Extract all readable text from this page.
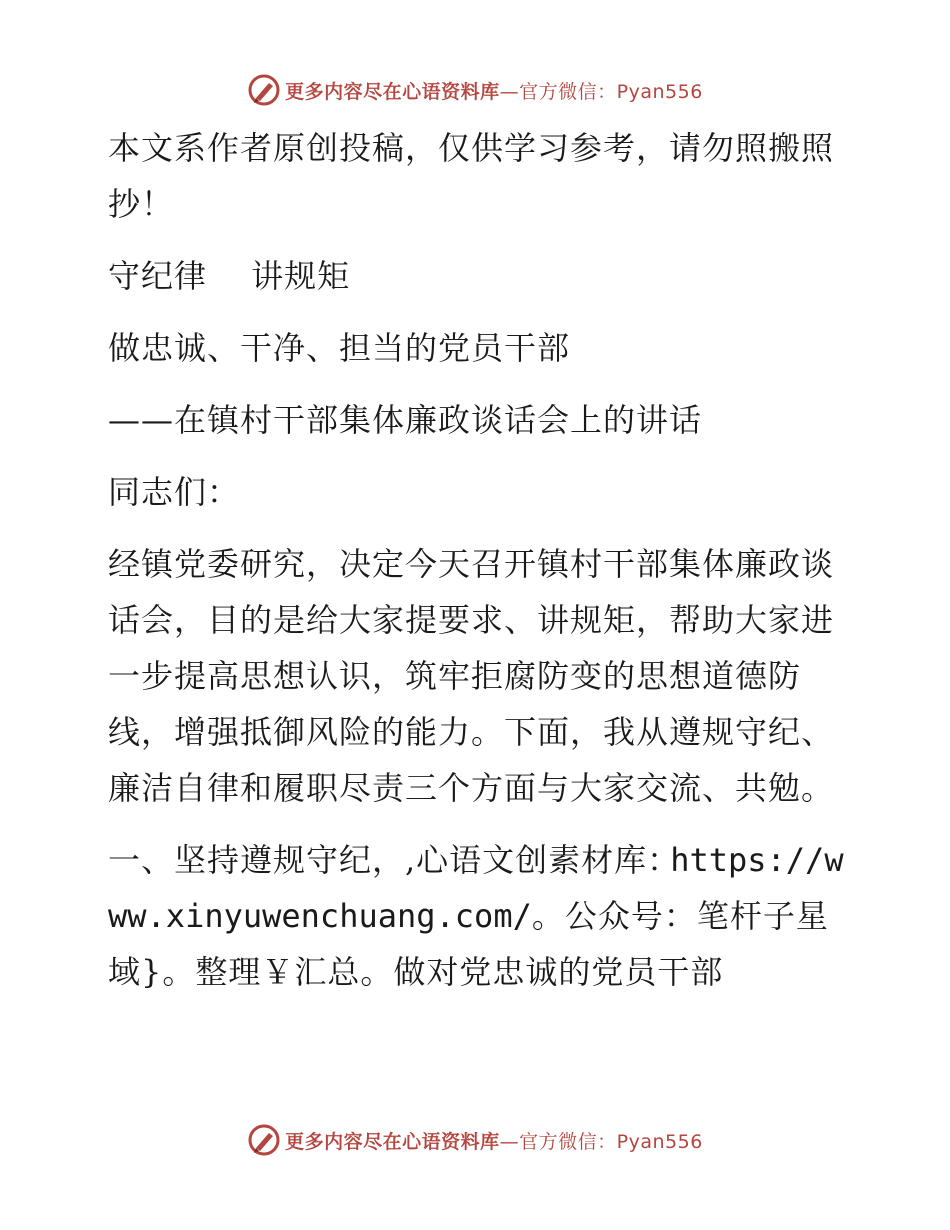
更多内容尽在心语资料库—官方微信：Pyan556

本文系作者原创投稿，仅供学习参考，请勿照搬照抄！

守纪律　 讲规矩

做忠诚、干净、担当的党员干部

——在镇村干部集体廉政谈话会上的讲话

同志们：

经镇党委研究，决定今天召开镇村干部集体廉政谈话会，目的是给大家提要求、讲规矩，帮助大家进一步提高思想认识，筑牢拒腐防变的思想道德防线，增强抵御风险的能力。下面，我从遵规守纪、廉洁自律和履职尽责三个方面与大家交流、共勉。

一、坚持遵规守纪，,心语文创素材库：https://www.xinyuwenchuang.com/。公众号：笔杆子星域}。整理￥汇总。做对党忠诚的党员干部

更多内容尽在心语资料库—官方微信：Pyan556
